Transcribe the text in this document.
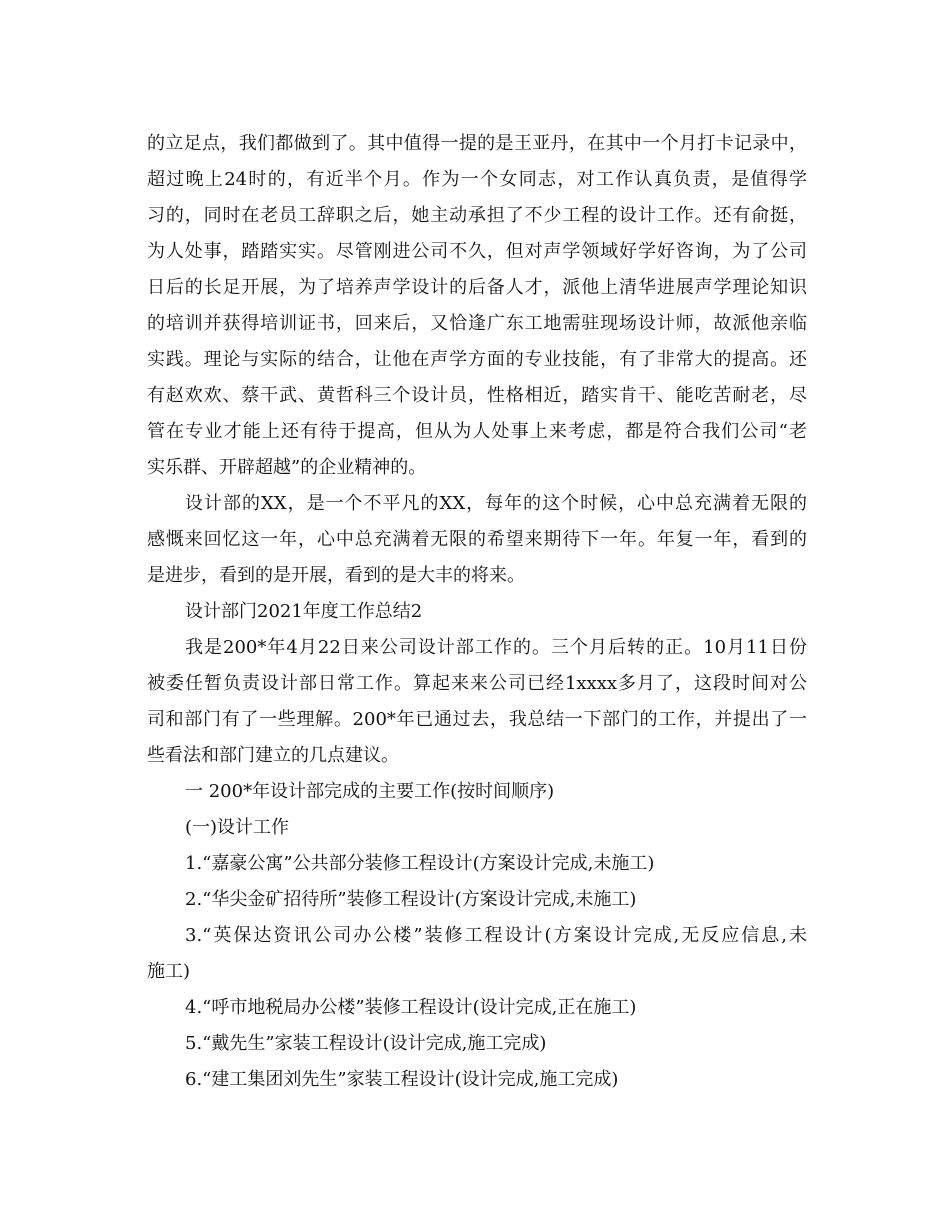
的立足点，我们都做到了。其中值得一提的是王亚丹，在其中一个月打卡记录中，
超过晚上24时的，有近半个月。作为一个女同志，对工作认真负责，是值得学
习的，同时在老员工辞职之后，她主动承担了不少工程的设计工作。还有俞挺，
为人处事，踏踏实实。尽管刚进公司不久，但对声学领域好学好咨询，为了公司
日后的长足开展，为了培养声学设计的后备人才，派他上清华进展声学理论知识
的培训并获得培训证书，回来后，又恰逢广东工地需驻现场设计师，故派他亲临
实践。理论与实际的结合，让他在声学方面的专业技能，有了非常大的提高。还
有赵欢欢、蔡干武、黄哲科三个设计员，性格相近，踏实肯干、能吃苦耐老，尽
管在专业才能上还有待于提高，但从为人处事上来考虑，都是符合我们公司“老
实乐群、开辟超越”的企业精神的。
设计部的XX，是一个不平凡的XX，每年的这个时候，心中总充满着无限的
感慨来回忆这一年，心中总充满着无限的希望来期待下一年。年复一年，看到的
是进步，看到的是开展，看到的是大丰的将来。
设计部门2021年度工作总结2
我是200*年4月22日来公司设计部工作的。三个月后转的正。10月11日份
被委任暂负责设计部日常工作。算起来来公司已经1xxxx多月了，这段时间对公
司和部门有了一些理解。200*年已通过去，我总结一下部门的工作，并提出了一
些看法和部门建立的几点建议。
一 200*年设计部完成的主要工作(按时间顺序)
(一)设计工作
1.“嘉豪公寓”公共部分装修工程设计(方案设计完成,未施工)
2.“华尖金矿招待所”装修工程设计(方案设计完成,未施工)
3.“英保达资讯公司办公楼”装修工程设计(方案设计完成,无反应信息,未
施工)
4.“呼市地税局办公楼”装修工程设计(设计完成,正在施工)
5.“戴先生”家装工程设计(设计完成,施工完成)
6.“建工集团刘先生”家装工程设计(设计完成,施工完成)
